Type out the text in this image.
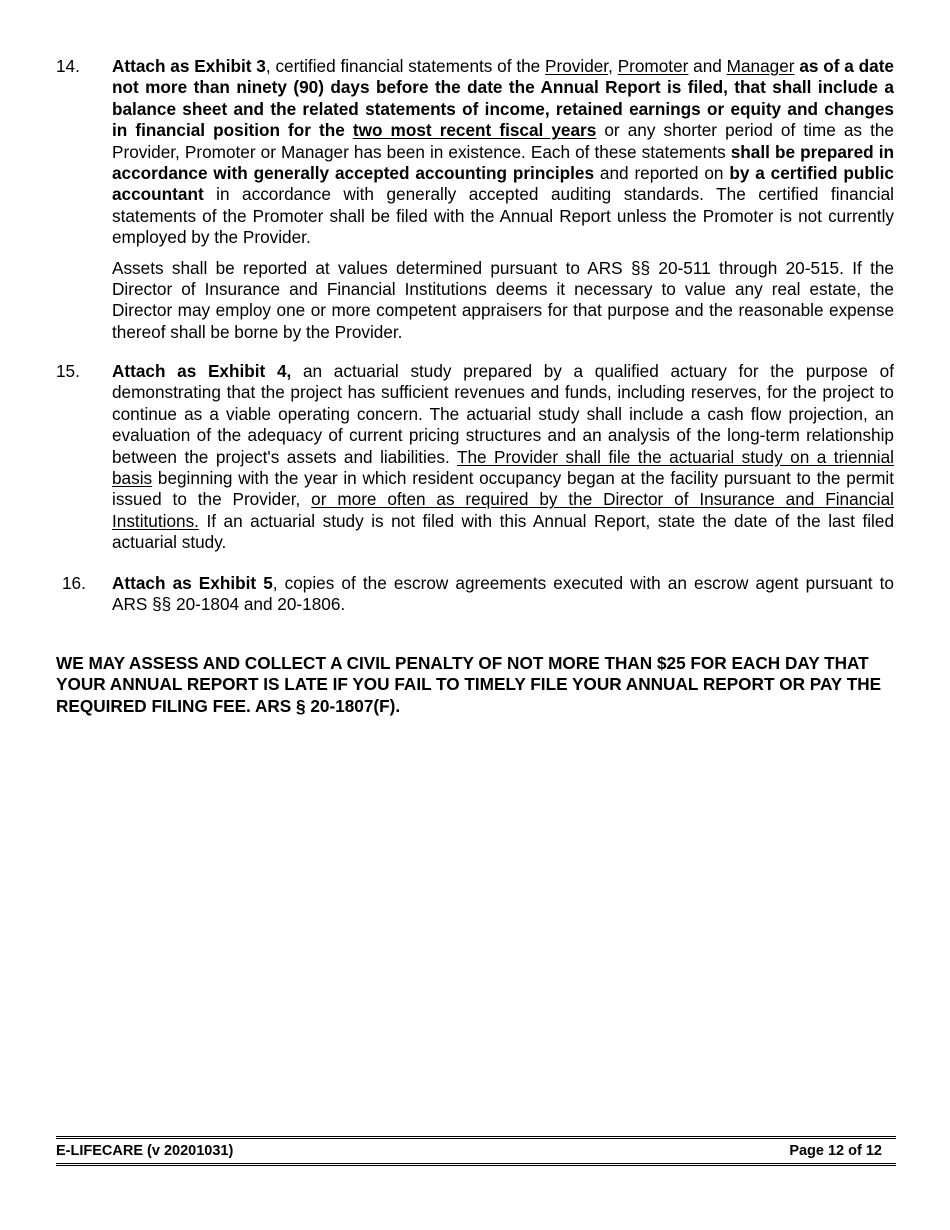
14. Attach as Exhibit 3, certified financial statements of the Provider, Promoter and Manager as of a date not more than ninety (90) days before the date the Annual Report is filed, that shall include a balance sheet and the related statements of income, retained earnings or equity and changes in financial position for the two most recent fiscal years or any shorter period of time as the Provider, Promoter or Manager has been in existence. Each of these statements shall be prepared in accordance with generally accepted accounting principles and reported on by a certified public accountant in accordance with generally accepted auditing standards. The certified financial statements of the Promoter shall be filed with the Annual Report unless the Promoter is not currently employed by the Provider.

Assets shall be reported at values determined pursuant to ARS §§ 20-511 through 20-515. If the Director of Insurance and Financial Institutions deems it necessary to value any real estate, the Director may employ one or more competent appraisers for that purpose and the reasonable expense thereof shall be borne by the Provider.

15. Attach as Exhibit 4, an actuarial study prepared by a qualified actuary for the purpose of demonstrating that the project has sufficient revenues and funds, including reserves, for the project to continue as a viable operating concern. The actuarial study shall include a cash flow projection, an evaluation of the adequacy of current pricing structures and an analysis of the long-term relationship between the project's assets and liabilities. The Provider shall file the actuarial study on a triennial basis beginning with the year in which resident occupancy began at the facility pursuant to the permit issued to the Provider, or more often as required by the Director of Insurance and Financial Institutions. If an actuarial study is not filed with this Annual Report, state the date of the last filed actuarial study.

16. Attach as Exhibit 5, copies of the escrow agreements executed with an escrow agent pursuant to ARS §§ 20-1804 and 20-1806.

WE MAY ASSESS AND COLLECT A CIVIL PENALTY OF NOT MORE THAN $25 FOR EACH DAY THAT YOUR ANNUAL REPORT IS LATE IF YOU FAIL TO TIMELY FILE YOUR ANNUAL REPORT OR PAY THE REQUIRED FILING FEE. ARS § 20-1807(F).
E-LIFECARE (v 20201031)	Page 12 of 12
